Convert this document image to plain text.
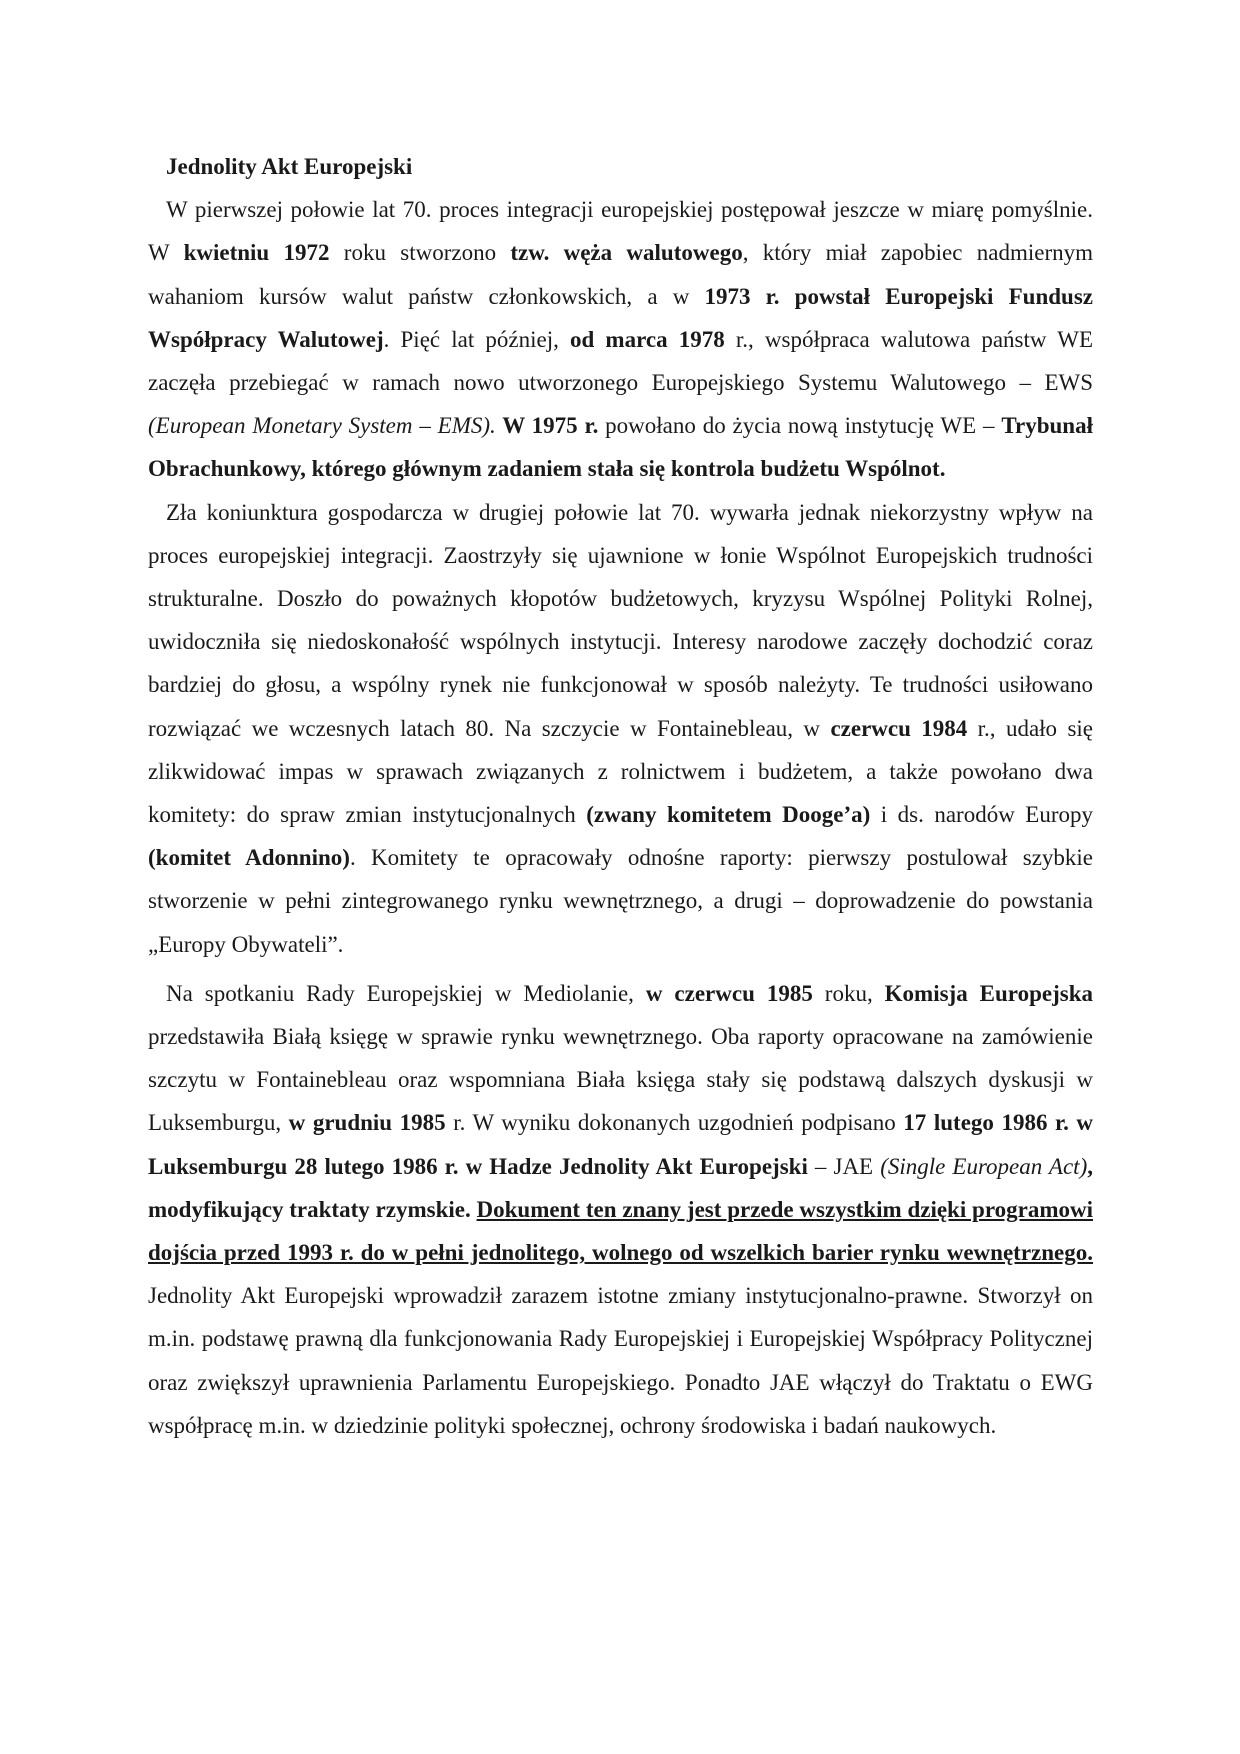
Jednolity Akt Europejski

W pierwszej połowie lat 70. proces integracji europejskiej postępował jeszcze w miarę pomyślnie. W kwietniu 1972 roku stworzono tzw. węża walutowego, który miał zapobiec nadmiernym wahaniom kursów walut państw członkowskich, a w 1973 r. powstał Europejski Fundusz Współpracy Walutowej. Pięć lat później, od marca 1978 r., współpraca walutowa państw WE zaczęła przebiegać w ramach nowo utworzonego Europejskiego Systemu Walutowego – EWS (European Monetary System – EMS). W 1975 r. powołano do życia nową instytucję WE – Trybunał Obrachunkowy, którego głównym zadaniem stała się kontrola budżetu Wspólnot.

Zła koniunktura gospodarcza w drugiej połowie lat 70. wywarła jednak niekorzystny wpływ na proces europejskiej integracji. Zaostrzyły się ujawnione w łonie Wspólnot Europejskich trudności strukturalne. Doszło do poważnych kłopotów budżetowych, kryzysu Wspólnej Polityki Rolnej, uwidoczniła się niedoskonałość wspólnych instytucji. Interesy narodowe zaczęły dochodzić coraz bardziej do głosu, a wspólny rynek nie funkcjonował w sposób należyty. Te trudności usiłowano rozwiązać we wczesnych latach 80. Na szczycie w Fontainebleau, w czerwcu 1984 r., udało się zlikwidować impas w sprawach związanych z rolnictwem i budżetem, a także powołano dwa komitety: do spraw zmian instytucjonalnych (zwany komitetem Dooge’a) i ds. narodów Europy (komitet Adonnino). Komitety te opracowały odnośne raporty: pierwszy postulował szybkie stworzenie w pełni zintegrowanego rynku wewnętrznego, a drugi – doprowadzenie do powstania „Europy Obywateli”.

Na spotkaniu Rady Europejskiej w Mediolanie, w czerwcu 1985 roku, Komisja Europejska przedstawiła Białą księgę w sprawie rynku wewnętrznego. Oba raporty opracowane na zamówienie szczytu w Fontainebleau oraz wspomniana Biała księga stały się podstawą dalszych dyskusji w Luksemburgu, w grudniu 1985 r. W wyniku dokonanych uzgodnień podpisano 17 lutego 1986 r. w Luksemburgu 28 lutego 1986 r. w Hadze Jednolity Akt Europejski – JAE (Single European Act), modyfikujący traktaty rzymskie. Dokument ten znany jest przede wszystkim dzięki programowi dojścia przed 1993 r. do w pełni jednolitego, wolnego od wszelkich barier rynku wewnętrznego. Jednolity Akt Europejski wprowadził zarazem istotne zmiany instytucjonalno-prawne. Stworzył on m.in. podstawę prawną dla funkcjonowania Rady Europejskiej i Europejskiej Współpracy Politycznej oraz zwiększył uprawnienia Parlamentu Europejskiego. Ponadto JAE włączył do Traktatu o EWG współpracę m.in. w dziedzinie polityki społecznej, ochrony środowiska i badań naukowych.
